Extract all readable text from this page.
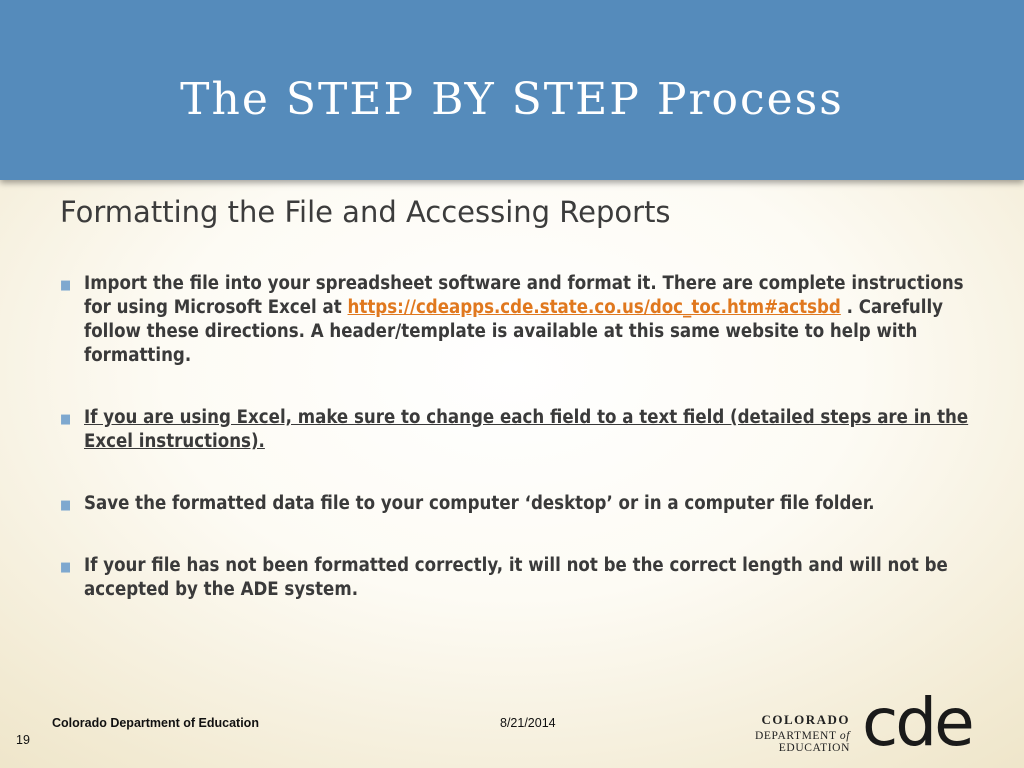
The STEP BY STEP Process
Formatting the File and Accessing Reports
■ Import the file into your spreadsheet software and format it. There are complete instructions for using Microsoft Excel at https://cdeapps.cde.state.co.us/doc_toc.htm#actsbd . Carefully follow these directions. A header/template is available at this same website to help with formatting.
■ If you are using Excel, make sure to change each field to a text field (detailed steps are in the Excel instructions).
■ Save the formatted data file to your computer ‘desktop’ or in a computer file folder.
■ If your file has not been formatted correctly, it will not be the correct length and will not be accepted by the ADE system.
Colorado Department of Education	8/21/2014
19
COLORADO
DEPARTMENT of EDUCATION cde
